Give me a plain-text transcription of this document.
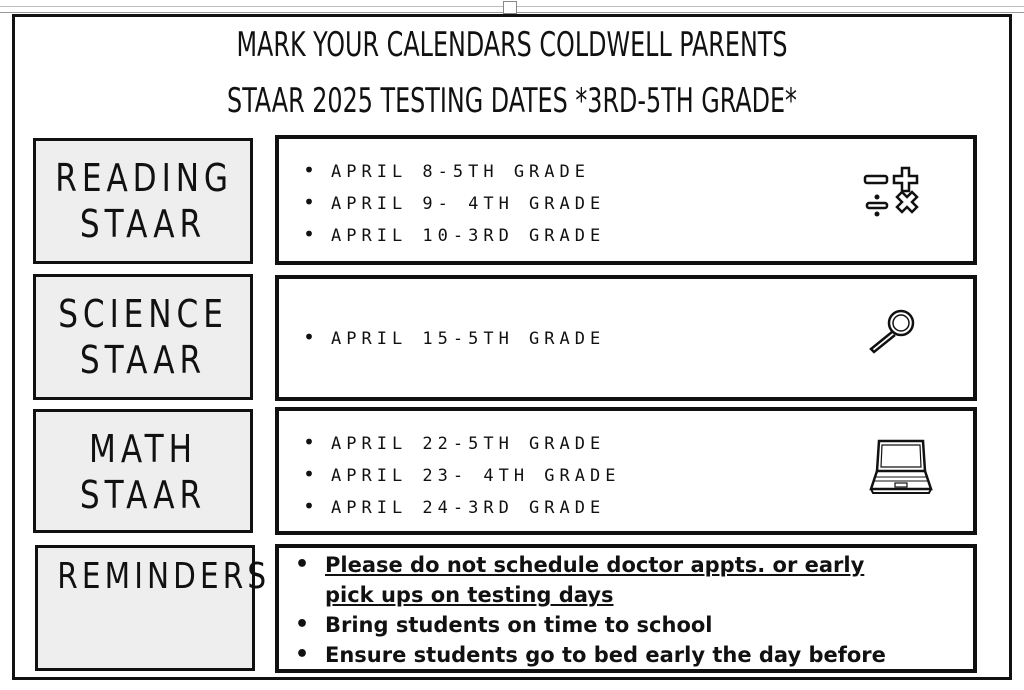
MARK YOUR CALENDARS COLDWELL PARENTS
STAAR 2025 TESTING DATES *3RD-5TH GRADE*
READING
STAAR
• APRIL 8-5TH GRADE
• APRIL 9- 4TH GRADE
• APRIL 10-3RD GRADE
SCIENCE
STAAR	• APRIL 15-5TH GRADE
MATH
STAAR
• APRIL 22-5TH GRADE
• APRIL 23- 4TH GRADE
• APRIL 24-3RD GRADE
REMINDERS	• Please do not schedule doctor appts. or early
pick ups on testing days
• Bring students on time to school
• Ensure students go to bed early the day before
